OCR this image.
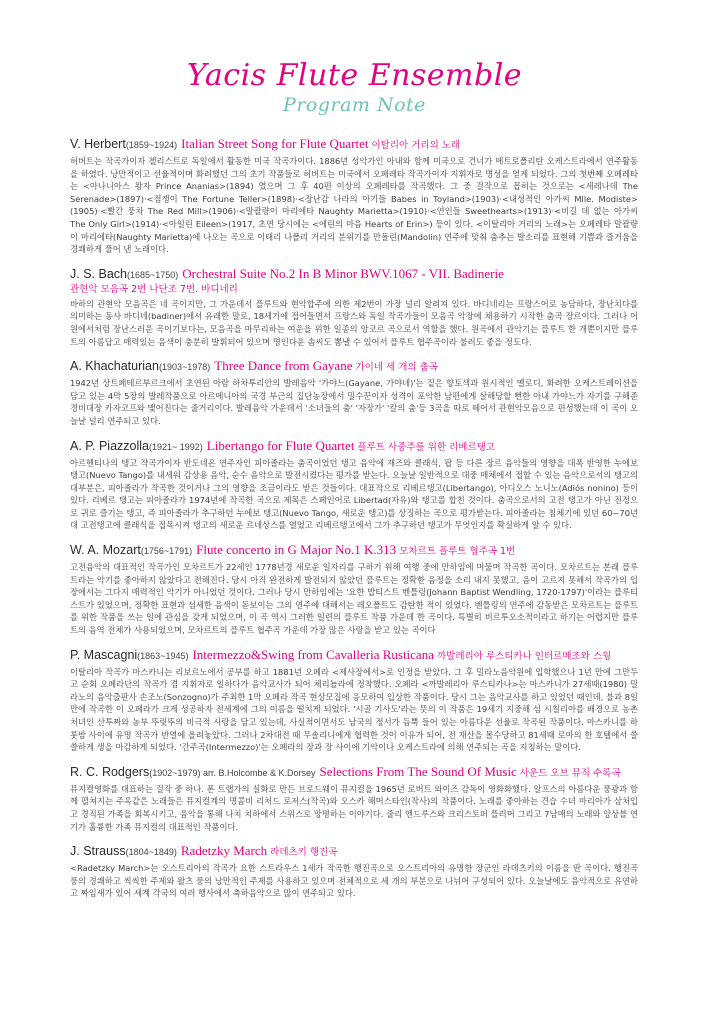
Yacis Flute Ensemble
Program Note
V. Herbert(1859~1924) Italian Street Song for Flute Quartet 이탈리아 거리의 노래
허버트는 작곡가이자 첼리스트로 독일에서 활동한 미국 작곡가이다. 1886년 성악가인 아내와 함께 미국으로 건너가 메트로폴리탄 오케스트라에서 연주활동을 하였다. 낭만적이고 선율적이며 화려했던 그의 초기 작품들로 허버트는 미국에서 오페레타 작곡가이자 지휘자로 명성을 얻게 되었다. 그의 첫번째 오페레타는 <아나니아스 왕자 Prince Ananias>(1894) 였으며 그 후 40편 이상의 오페레타를 작곡했다. 그 중 걸작으로 꼽히는 것으로는 <세레나데 The Serenade>(1897)·<점쟁이 The Fortune Teller>(1898)·<장난감 나라의 아기들 Babes in Toyland>(1903)·<내성적인 아가씨 Mlle. Modiste>(1905)·<빨간 풍차 The Red Mill>(1906)·<말괄량이 마리에타 Naughty Marietta>(1910)·<연인들 Sweethearts>(1913)·<비길 데 없는 아가씨 The Only Girl>(1914)·<아일린 Eileen>(1917, 초연 당시에는 <에린의 마음 Hearts of Erin>) 등이 있다. <이탈리아 거리의 노래>는 오페레타 말괄량이 마리에타(Naughty Marietta)에 나오는 곡으로 이태리 나폴리 거리의 분위기를 만돌린(Mandolin) 연주에 맞춰 춤추는 발소리를 표현해 기쁨과 즐거움을 경쾌하게 풀어 낸 노래이다.
J. S. Bach(1685~1750) Orchestral Suite No.2 In B Minor BWV.1067 - VII. Badinerie
관현악 모음곡 2번 나단조 7번. 바디네리
바하의 관현악 모음곡은 네 곡이지만, 그 가운데서 플루트와 현악합주에 의한 제2번이 가장 널리 알려져 있다. 바디네리는 프랑스어로 농담하다, 장난치다를 의미하는 동사 바디네(badiner)에서 유래한 말로, 18세기에 접어들면서 프랑스와 독일 작곡가들이 모음곡 악장에 채용하기 시작한 춤곡 장르이다. 그러나 어원에서처럼 장난스러운 곡이기보다는, 모음곡을 마무리하는 여운을 위한 일종의 앙코르 곡으로서 역할을 했다. 원곡에서 관악기는 플루트 한 개뿐이지만 플루트의 아름답고 매력있는 음색이 충분히 발휘되어 있으며 명인다운 솜씨도 뽐낼 수 있어서 플루트 협주곡이라 불러도 좋을 정도다.
A. Khachaturian(1903~1978) Three Dance from Gayane 가이네 세 개의 춤곡
1942년 상트페테르부르크에서 초연된 아람 하차투리안의 발레음악 '가야느(Gayane, 가야네)'는 짙은 향토색과 원시적인 멜로디, 화려한 오케스트레이션을 담고 있는 4막 5장의 발레작품으로 아르메니아의 국경 부근의 집단농장에서 밀수꾼이자 성격이 포악한 남편에게 살해당할 뻔한 아내 가야느가 자기를 구해준 경비대장 카자코프와 맺어진다는 줄거리이다. 발레음악 가운데서 '소녀들의 춤' '자장가' '칼의 춤'등 3곡을 따로 떼어서 관현악모음으로 편성했는데 이 곡이 오늘날 널리 연주되고 있다.
A. P. Piazzolla(1921~ 1992) Libertango for Flute Quartet 플루트 사중주를 위한 리베르탱고
아르헨티나의 탱고 작곡가이자 반도네온 연주자인 피아졸라는 춤곡이었던 탱고 음악에 재즈와 클래식, 팝 등 다른 장르 음악들의 영향을 대폭 반영한 누에보 탱고(Nuevo Tango)를 내세워 감상용 음악, 순수 음악으로 발전시켰다는 평가를 받는다. 오늘날 일반적으로 대중 매체에서 접할 수 있는 음악으로서의 탱고의 대부분은, 피아졸라가 작곡한 것이거나 그의 영향을 조금이라도 받은 것들이다. 대표작으로 리베르탱고(Libertango), 아디오스 노니노(Adiós nonino) 등이 있다. 리베르 탱고는 피아졸라가 1974년에 작곡한 곡으로 제목은 스페인어로 Libertad(자유)와 탱고를 합친 것이다. 춤곡으로서의 고전 탱고가 아닌 진정으로 귀로 즐기는 탱고, 즉 피아졸라가 추구하던 누에보 탱고(Nuevo Tango, 새로운 탱고)를 상징하는 곡으로 평가받는다. 피아졸라는 침체기에 있던 60~70년대 고전탱고에 클래식을 접목시켜 탱고의 새로운 르네상스를 열었고 리베르탱고에서 그가 추구하던 탱고가 무엇인지를 확실하게 알 수 있다.
W. A. Mozart(1756~1791) Flute concerto in G Major No.1 K.313 모차르트 플루트 협주곡 1번
고전음악의 대표적인 작곡가인 모차르트가 22세인 1778년경 새로운 일자리를 구하기 위해 여행 중에 만하임에 머물며 작곡한 곡이다. 모차르트는 본래 플루트라는 악기를 좋아하지 않았다고 전해진다. 당시 아직 완전하게 발전되지 않았던 플루트는 정확한 음정을 소리 내지 못했고, 음이 고르지 못해서 작곡가의 입장에서는 그다지 매력적인 악기가 아니었던 것이다. 그러나 당시 만하임에는 '요한 밥티스트 벤틀링(Johann Baptist Wendling, 1720-1797)'이라는 플루티스트가 있었으며, 정확한 표현과 섬세한 음색이 돋보이는 그의 연주에 대해서는 레오폴트도 감탄한 적이 있었다. 벤틀링의 연주에 감동받은 모차르트는 플루트를 위한 작품을 쓰는 일에 관심을 갖게 되었으며, 이 곡 역시 그러한 일련의 플루트 작품 가운데 한 곡이다. 특별히 비르투오소적이라고 하기는 어렵지만 플루트의 음역 전체가 사용되었으며, 모차르트의 플루트 협주곡 가운데 가장 많은 사랑을 받고 있는 곡이다
P. Mascagni(1863~1945) Intermezzo&Swing from Cavalleria Rusticana 까발레리아 루스티카나 인터르메조와 스윙
이탈리아 작곡가 마스카니는 리보르노에서 공부를 하고 1881년 오페라 <제사장에서>로 인정을 받았다. 그 후 밀라노음악원에 입학했으나 1년 만에 그만두고 순회 오페라단의 작곡가 겸 지휘자로 일하다가 음악교사가 되어 체리뇰라에 정착했다. 오페라 <까발레리아 루스티카나>는 마스카니가 27세때(1980) 밀라노의 음악출판사 손조노(Sonzogno)가 주최한 1막 오페라 작곡 현상모집에 응모하여 입상한 작품이다. 당시 그는 음악교사를 하고 있었던 때인데, 불과 8일만에 작곡한 이 오페라가 크게 성공하자 전세계에 그의 이름을 떨치게 되었다. '시골 기사도'라는 뜻의 이 작품은 19세기 지중해 섬 시칠리아를 배경으로 농촌처녀인 산투짜와 농부 뚜릿뚜의 비극적 사랑을 담고 있는데, 사실적이면서도 남국의 정서가 듬뿍 들어 있는 아름다운 선율로 작곡된 작품이다. 마스카니를 하룻밤 사이에 유명 작곡가 반열에 올려놓았다. 그러나 2차대전 때 무솔리니에게 협력한 것이 이유가 되어, 전 재산을 몰수당하고 81세때 로마의 한 호텔에서 쓸쓸하게 생을 마감하게 되었다. '간주곡(Intermezzo)'는 오페라의 장과 장 사이에 기악이나 오케스트라에 의해 연주되는 곡을 지칭하는 말이다.
R. C. Rodgers(1902~1979) arr. B.Holcombe & K.Dorsey Selections From The Sound Of Music 사운드 오브 뮤직 수록곡
뮤지컬영화를 대표하는 걸작 중 하나. 폰 트랩가의 실화로 만든 브로드웨이 뮤지컬을 1965년 로버트 와이즈 감독이 영화화했다. 알프스의 아름다운 풍광과 함께 펼쳐지는 주옥같은 노래들은 뮤지컬계의 명콤비 리처드 로저스(작곡)와 오스카 해머스타인(작사)의 작품이다. 노래를 좋아하는 견습 수녀 마리아가 삼처입고 경직된 가족을 회복시키고, 음악을 통해 나치 치하에서 스위스로 망명하는 이야기다. 줄리 앤드루스와 크리스토퍼 플러머 그리고 7남매의 노래와 앙상블 연기가 훌륭한 가족 뮤지컬의 대표적인 작품이다.
J. Strauss(1804~1849) Radetzky March 라데츠키 행진곡
<Radetzky March>는 오스트리아의 작곡가 요한 스트라우스 1세가 작곡한 행진곡으로 오스트리아의 유명한 장군인 라데츠키의 이름을 딴 곡이다. 행진곡 풍의 경쾌하고 씩씩한 주제와 왈츠 풍의 낭만적인 주제를 사용하고 있으며 전체적으로 세 개의 부분으로 나뉘어 구성되어 있다. 오늘날에도 음악적으로 유연하고 짜임새가 있어 세계 각국의 여러 행사에서 축하음악으로 많이 연주되고 있다.
